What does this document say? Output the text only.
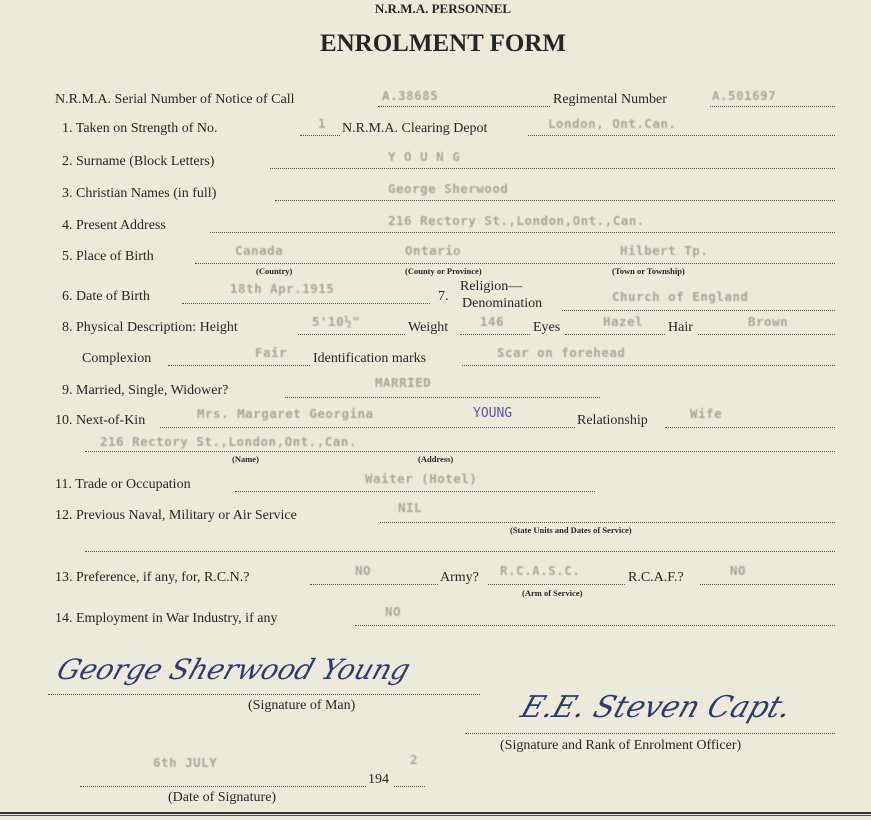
N.R.M.A. PERSONNEL
ENROLMENT FORM
N.R.M.A. Serial Number of Notice of Call	A.38685	Regimental Number	A.501697
1. Taken on Strength of No.	1 N.R.M.A. Clearing Depot	London, Ont.Can.
2. Surname (Block Letters)	Y O U N G
3. Christian Names (in full)	George Sherwood
4. Present Address	216 Rectory St.,London,Ont.,Can.
5. Place of Birth	Canada	Ontario	Hilbert Tp.
(Country)	(County or Province)	(Town or Township)
6. Date of Birth
18th Apr.1915
7.
Religion—
Denomination	Church of England
8. Physical Description: Height	5'10½"	Weight	146 Eyes	Hazel Hair	Brown
Complexion	Fair Identification marks	Scar on forehead
9. Married, Single, Widower?
MARRIED
10. Next-of-Kin	Mrs. Margaret Georgina	YOUNG	Relationship	Wife
216 Rectory St.,London,Ont.,Can.
(Name)	(Address)
11. Trade or Occupation	Waiter (Hotel)
12. Previous Naval, Military or Air Service
NIL
(State Units and Dates of Service)
13. Preference, if any, for, R.C.N.?	NO	Army? R.C.A.S.C.	R.C.A.F.?	NO
(Arm of Service)
14. Employment in War Industry, if any	NO
George Sherwood Young
(Signature of Man)	E.E. Steven Capt.
(Signature and Rank of Enrolment Officer)
6th JULY	2
194
(Date of Signature)
